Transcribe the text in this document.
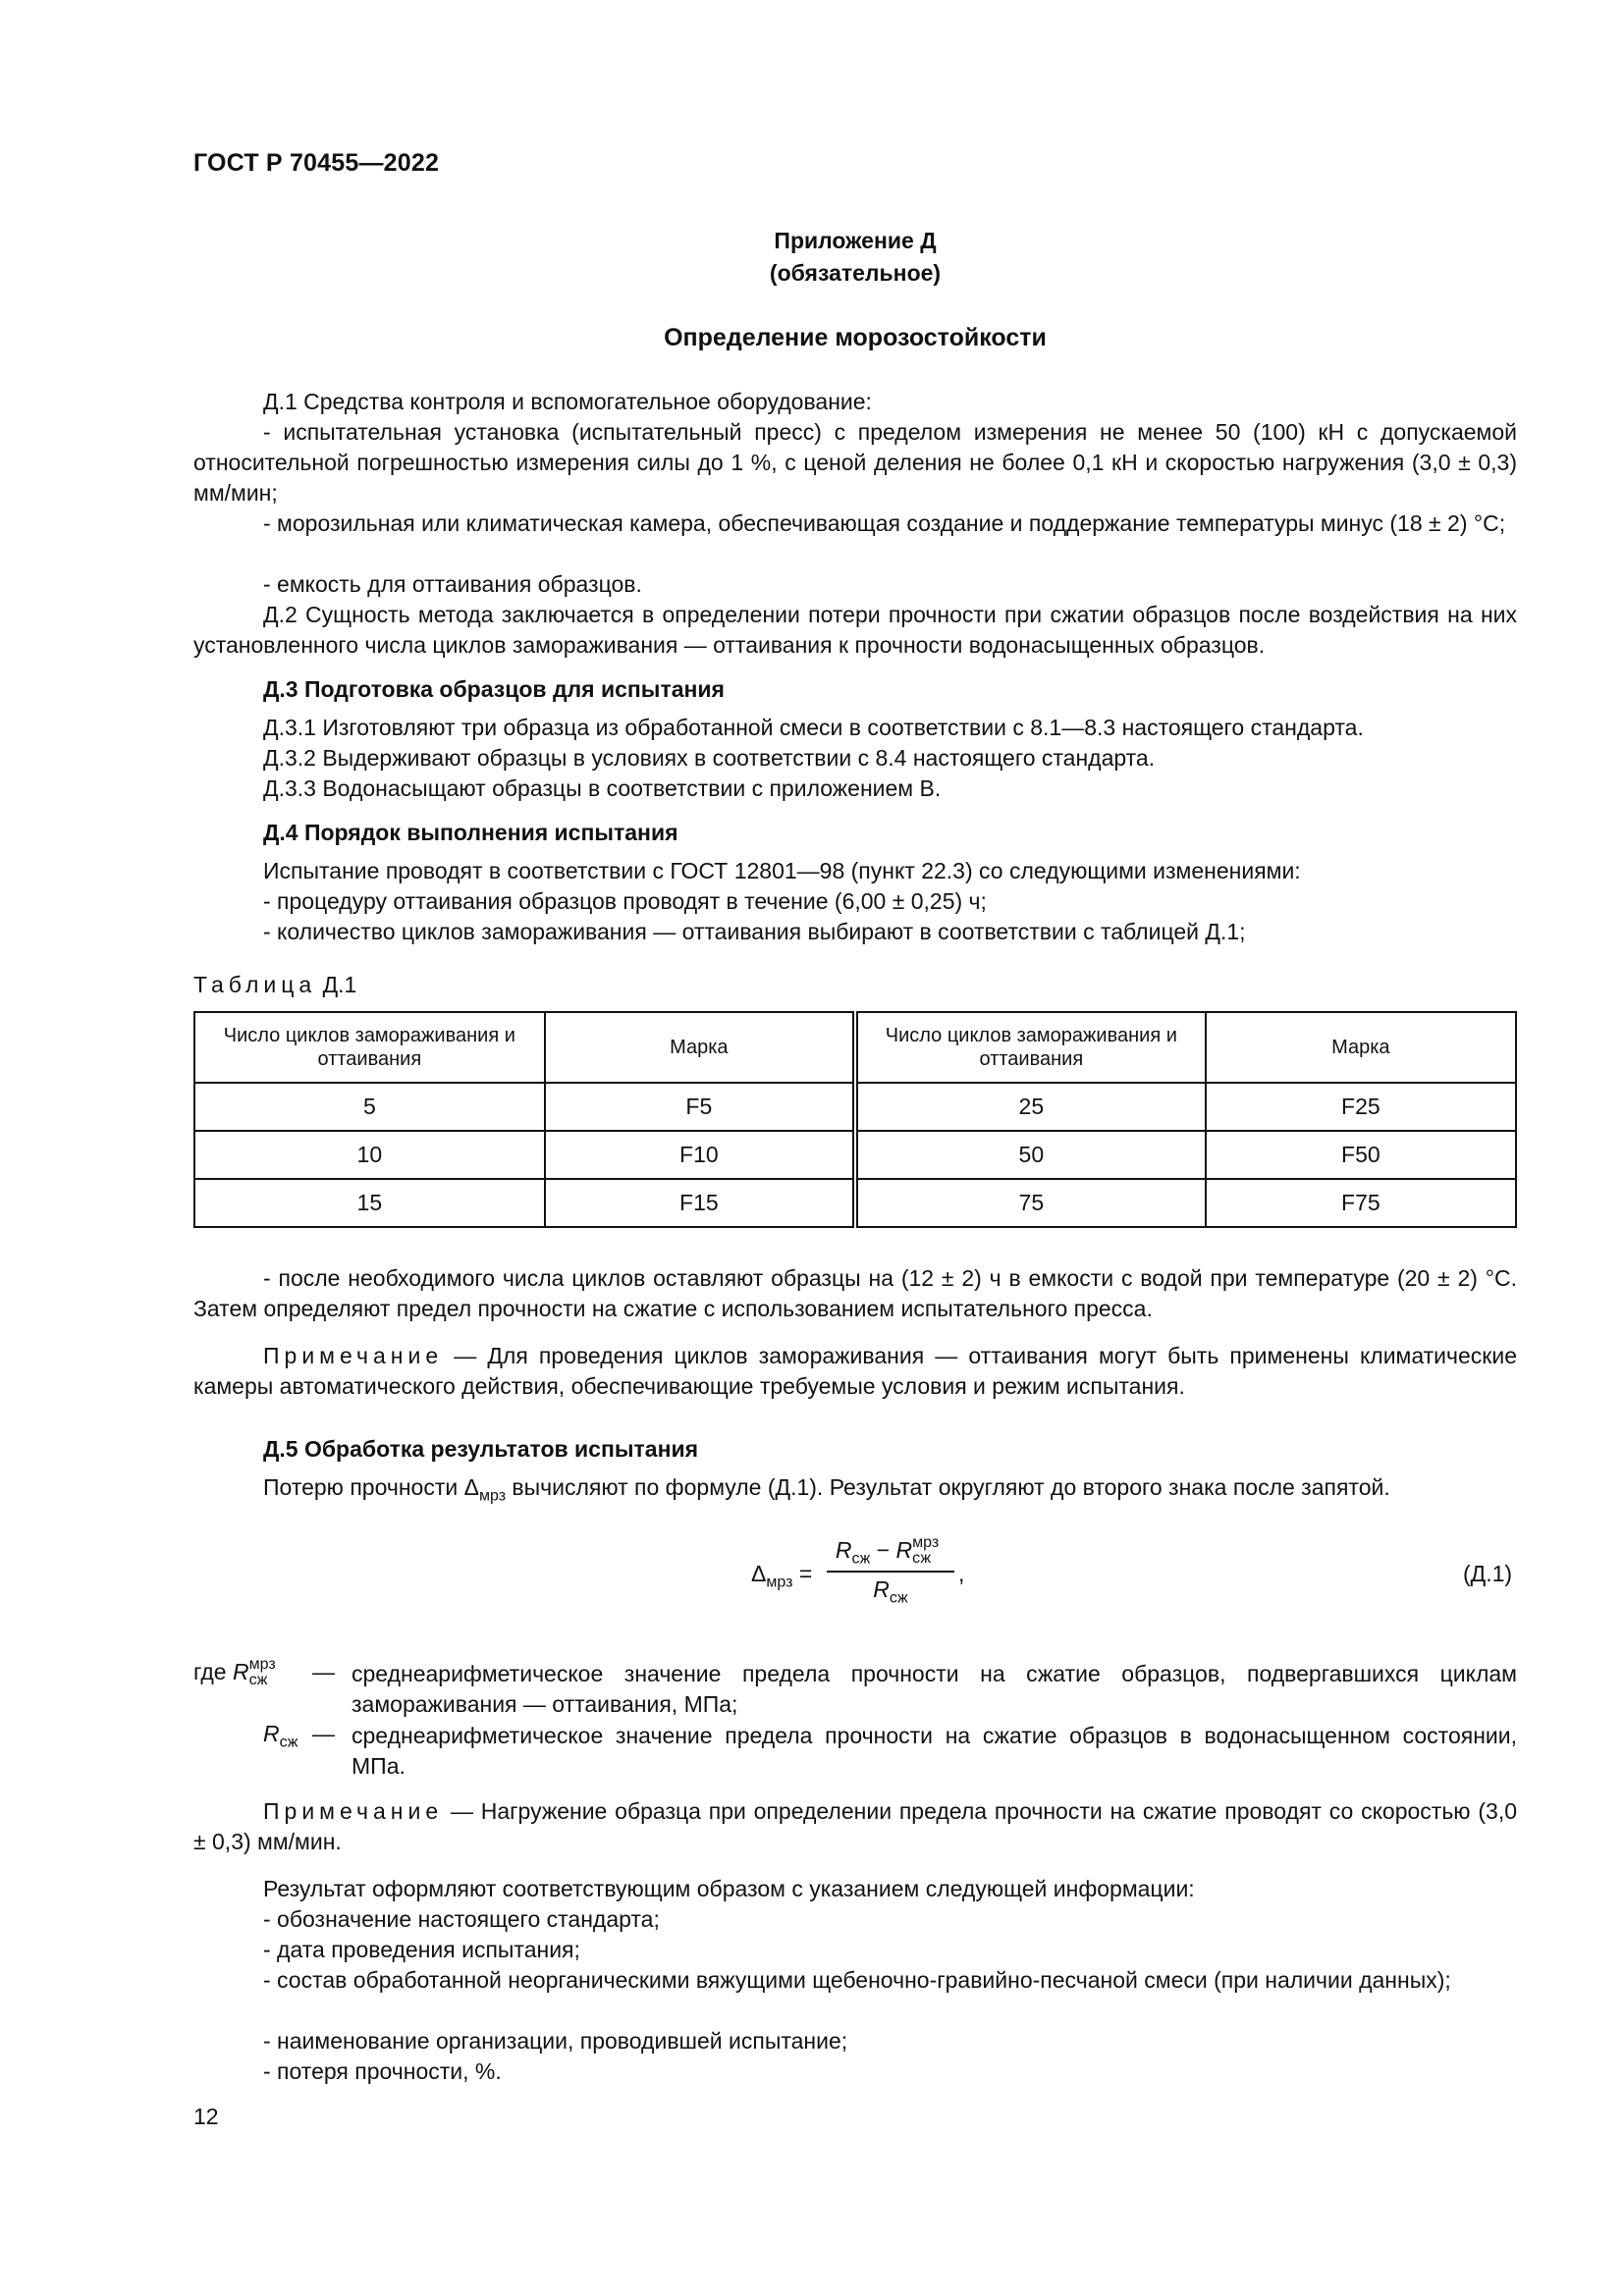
ГОСТ Р 70455—2022
Приложение Д
(обязательное)
Определение морозостойкости
Д.1 Средства контроля и вспомогательное оборудование:
- испытательная установка (испытательный пресс) с пределом измерения не менее 50 (100) кН с допускаемой относительной погрешностью измерения силы до 1 %, с ценой деления не более 0,1 кН и скоростью нагружения (3,0 ± 0,3) мм/мин;
- морозильная или климатическая камера, обеспечивающая создание и поддержание температуры минус (18 ± 2) °С;
- емкость для оттаивания образцов.
Д.2 Сущность метода заключается в определении потери прочности при сжатии образцов после воздействия на них установленного числа циклов замораживания — оттаивания к прочности водонасыщенных образцов.
Д.3 Подготовка образцов для испытания
Д.3.1 Изготовляют три образца из обработанной смеси в соответствии с 8.1—8.3 настоящего стандарта.
Д.3.2 Выдерживают образцы в условиях в соответствии с 8.4 настоящего стандарта.
Д.3.3 Водонасыщают образцы в соответствии с приложением В.
Д.4 Порядок выполнения испытания
Испытание проводят в соответствии с ГОСТ 12801—98 (пункт 22.3) со следующими изменениями:
- процедуру оттаивания образцов проводят в течение (6,00 ± 0,25) ч;
- количество циклов замораживания — оттаивания выбирают в соответствии с таблицей Д.1;
Таблица Д.1
Число циклов замораживания и оттаивания	Марка	Число циклов замораживания и оттаивания	Марка
5	F5	25	F25
10	F10	50	F50
15	F15	75	F75
- после необходимого числа циклов оставляют образцы на (12 ± 2) ч в емкости с водой при температуре (20 ± 2) °С. Затем определяют предел прочности на сжатие с использованием испытательного пресса.
Примечание — Для проведения циклов замораживания — оттаивания могут быть применены климатические камеры автоматического действия, обеспечивающие требуемые условия и режим испытания.
Д.5 Обработка результатов испытания
Потерю прочности $\Delta_{мрз}$ вычисляют по формуле (Д.1). Результат округляют до второго знака после запятой.
$\Delta_{мрз}$ =
$R_{сж} - R$ мрз
сж
$R_{сж}$
,	(Д.1)
где R мрз
сж — среднеарифметическое значение предела прочности на сжатие образцов, подвергавшихся циклам замораживания — оттаивания, МПа;
$R_{сж}$ — среднеарифметическое значение предела прочности на сжатие образцов в водонасыщенном состоянии, МПа.
Примечание — Нагружение образца при определении предела прочности на сжатие проводят со скоростью (3,0 ± 0,3) мм/мин.
Результат оформляют соответствующим образом с указанием следующей информации:
- обозначение настоящего стандарта;
- дата проведения испытания;
- состав обработанной неорганическими вяжущими щебеночно-гравийно-песчаной смеси (при наличии данных);
- наименование организации, проводившей испытание;
- потеря прочности, %.
12
